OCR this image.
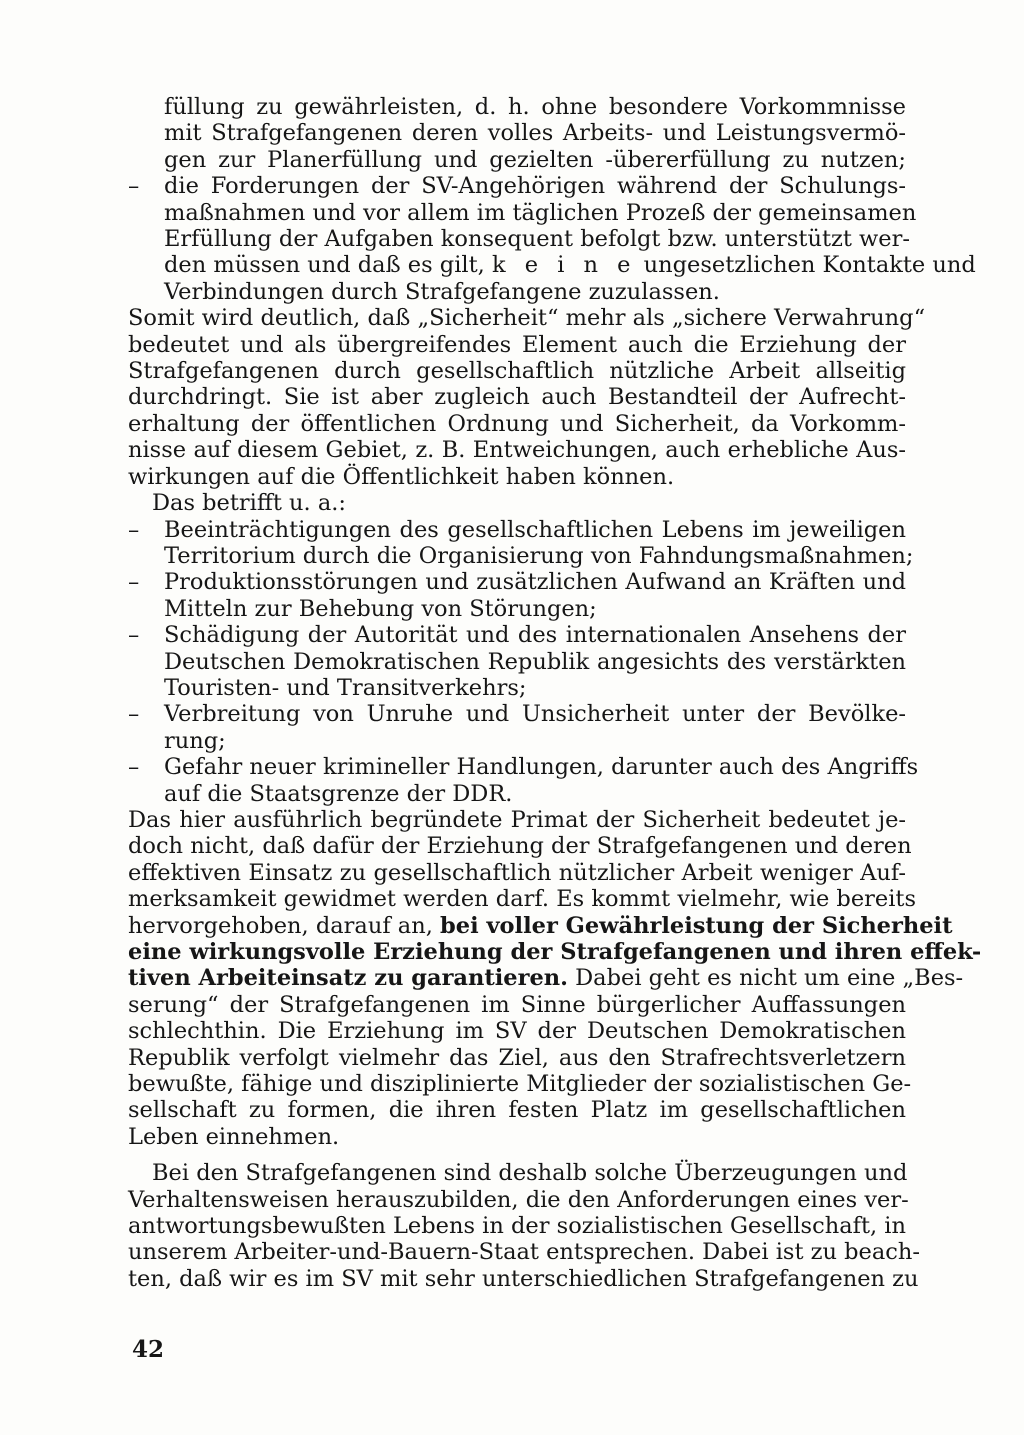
füllung zu gewährleisten, d. h. ohne besondere Vorkommnisse
mit Strafgefangenen deren volles Arbeits- und Leistungsvermö-
gen zur Planerfüllung und gezielten -übererfüllung zu nutzen;
– die Forderungen der SV-Angehörigen während der Schulungs-
maßnahmen und vor allem im täglichen Prozeß der gemeinsamen
Erfüllung der Aufgaben konsequent befolgt bzw. unterstützt wer-
den müssen und daß es gilt, k e i n e ungesetzlichen Kontakte und
Verbindungen durch Strafgefangene zuzulassen.
Somit wird deutlich, daß „Sicherheit“ mehr als „sichere Verwahrung“
bedeutet und als übergreifendes Element auch die Erziehung der
Strafgefangenen durch gesellschaftlich nützliche Arbeit allseitig
durchdringt. Sie ist aber zugleich auch Bestandteil der Aufrecht-
erhaltung der öffentlichen Ordnung und Sicherheit, da Vorkomm-
nisse auf diesem Gebiet, z. B. Entweichungen, auch erhebliche Aus-
wirkungen auf die Öffentlichkeit haben können.
Das betrifft u. a.:
– Beeinträchtigungen des gesellschaftlichen Lebens im jeweiligen
Territorium durch die Organisierung von Fahndungsmaßnahmen;
– Produktionsstörungen und zusätzlichen Aufwand an Kräften und
Mitteln zur Behebung von Störungen;
– Schädigung der Autorität und des internationalen Ansehens der
Deutschen Demokratischen Republik angesichts des verstärkten
Touristen- und Transitverkehrs;
– Verbreitung von Unruhe und Unsicherheit unter der Bevölke-
rung;
– Gefahr neuer krimineller Handlungen, darunter auch des Angriffs
auf die Staatsgrenze der DDR.
Das hier ausführlich begründete Primat der Sicherheit bedeutet je-
doch nicht, daß dafür der Erziehung der Strafgefangenen und deren
effektiven Einsatz zu gesellschaftlich nützlicher Arbeit weniger Auf-
merksamkeit gewidmet werden darf. Es kommt vielmehr, wie bereits
hervorgehoben, darauf an, bei voller Gewährleistung der Sicherheit
eine wirkungsvolle Erziehung der Strafgefangenen und ihren effek-
tiven Arbeiteinsatz zu garantieren. Dabei geht es nicht um eine „Bes-
serung“ der Strafgefangenen im Sinne bürgerlicher Auffassungen
schlechthin. Die Erziehung im SV der Deutschen Demokratischen
Republik verfolgt vielmehr das Ziel, aus den Strafrechtsverletzern
bewußte, fähige und disziplinierte Mitglieder der sozialistischen Ge-
sellschaft zu formen, die ihren festen Platz im gesellschaftlichen
Leben einnehmen.
Bei den Strafgefangenen sind deshalb solche Überzeugungen und
Verhaltensweisen herauszubilden, die den Anforderungen eines ver-
antwortungsbewußten Lebens in der sozialistischen Gesellschaft, in
unserem Arbeiter-und-Bauern-Staat entsprechen. Dabei ist zu beach-
ten, daß wir es im SV mit sehr unterschiedlichen Strafgefangenen zu
42
